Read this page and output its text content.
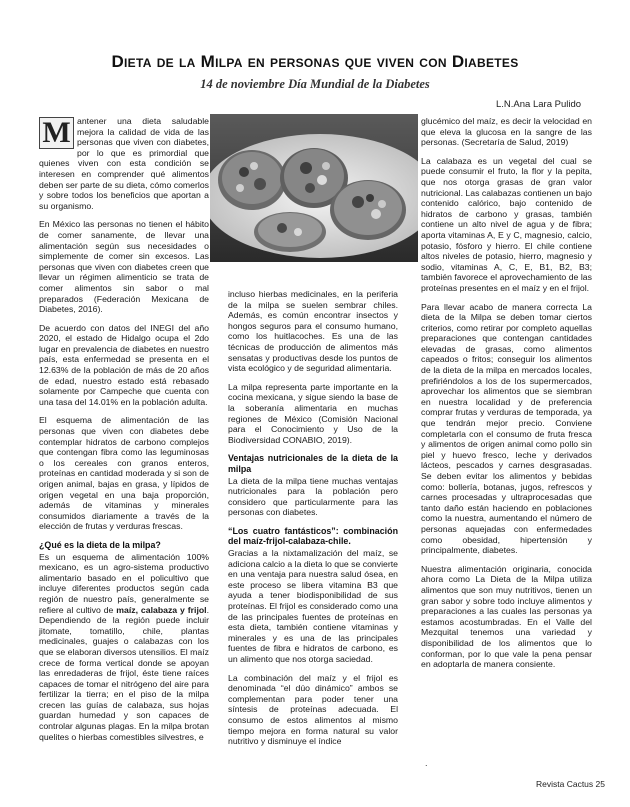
Dieta de la Milpa en personas que viven con Diabetes
14 de noviembre Día Mundial de la Diabetes
L.N.Ana Lara Pulido

M antener una dieta saludable mejora la calidad de vida de las personas que viven con diabetes, por lo que es primordial que quienes viven con esta condición se interesen en comprender qué alimentos deben ser parte de su dieta, cómo comerlos y sobre todos los beneficios que aportan a su organismo.

En México las personas no tienen el hábito de comer sanamente, de llevar una alimentación según sus necesidades o simplemente de comer sin excesos. Las personas que viven con diabetes creen que llevar un régimen alimenticio se trata de comer alimentos sin sabor o mal preparados (Federación Mexicana de Diabetes, 2016).

De acuerdo con datos del INEGI del año 2020, el estado de Hidalgo ocupa el 2do lugar en prevalencia de diabetes en nuestro país, esta enfermedad se presenta en el 12.63% de la población de más de 20 años de edad, nuestro estado está rebasado solamente por Campeche que cuenta con una tasa del 14.01% en la población adulta.

El esquema de alimentación de las personas que viven con diabetes debe contemplar hidratos de carbono complejos que contengan fibra como las leguminosas o los cereales con granos enteros, proteínas en cantidad moderada y si son de origen animal, bajas en grasa, y lípidos de origen vegetal en una baja proporción, además de vitaminas y minerales consumidos diariamente a través de la elección de frutas y verduras frescas.

¿Qué es la dieta de la milpa?

Es un esquema de alimentación 100% mexicano, es un agro-sistema productivo alimentario basado en el policultivo que incluye diferentes productos según cada región de nuestro país, generalmente se refiere al cultivo de maíz, calabaza y frijol. Dependiendo de la región puede incluir jitomate, tomatillo, chile, plantas medicinales, guajes o calabazas con los que se elaboran diversos utensilios. El maíz crece de forma vertical donde se apoyan las enredaderas de frijol, éste tiene raíces capaces de tomar el nitrógeno del aire para fertilizar la tierra; en el piso de la milpa crecen las guías de calabaza, sus hojas guardan humedad y son capaces de controlar algunas plagas. En la milpa brotan quelites o hierbas comestibles silvestres, e

incluso hierbas medicinales, en la periferia de la milpa se suelen sembrar chiles. Además, es común encontrar insectos y hongos seguros para el consumo humano, como los huitlacoches. Es una de las técnicas de producción de alimentos más sensatas y productivas desde los puntos de vista ecológico y de seguridad alimentaria.

La milpa representa parte importante en la cocina mexicana, y sigue siendo la base de la soberanía alimentaria en muchas regiones de México (Comisión Nacional para el Conocimiento y Uso de la Biodiversidad CONABIO, 2019).

Ventajas nutricionales de la dieta de la milpa

La dieta de la milpa tiene muchas ventajas nutricionales para la población pero considero que particularmente para las personas con diabetes.

“Los cuatro fantásticos”: combinación del maíz-frijol-calabaza-chile.

Gracias a la nixtamalización del maíz, se adiciona calcio a la dieta lo que se convierte en una ventaja para nuestra salud ósea, en este proceso se libera vitamina B3 que ayuda a tener biodisponibilidad de sus proteínas. El frijol es considerado como una de las principales fuentes de proteínas en esta dieta, también contiene vitaminas y minerales y es una de las principales fuentes de fibra e hidratos de carbono, es un alimento que nos otorga saciedad.

La combinación del maíz y el frijol es denominada “el dúo dinámico” ambos se complementan para poder tener una síntesis de proteínas adecuada. El consumo de estos alimentos al mismo tiempo mejora en forma natural su valor nutritivo y disminuye el índice

glucémico del maíz, es decir la velocidad en que eleva la glucosa en la sangre de las personas. (Secretaría de Salud, 2019)

La calabaza es un vegetal del cual se puede consumir el fruto, la flor y la pepita, que nos otorga grasas de gran valor nutricional. Las calabazas contienen un bajo contenido calórico, bajo contenido de hidratos de carbono y grasas, también contiene un alto nivel de agua y de fibra; aporta vitaminas A, E y C, magnesio, calcio, potasio, fósforo y hierro. El chile contiene altos niveles de potasio, hierro, magnesio y sodio, vitaminas A, C, E, B1, B2, B3; también favorece el aprovechamiento de las proteínas presentes en el maíz y en el frijol.

Para llevar acabo de manera correcta La dieta de la Milpa se deben tomar ciertos criterios, como retirar por completo aquellas preparaciones que contengan cantidades elevadas de grasas, como alimentos capeados o fritos; conseguir los alimentos de la dieta de la milpa en mercados locales, prefiriéndolos a los de los supermercados, aprovechar los alimentos que se siembran en nuestra localidad y de preferencia comprar frutas y verduras de temporada, ya que tendrán mejor precio. Conviene completarla con el consumo de fruta fresca y alimentos de origen animal como pollo sin piel y huevo fresco, leche y derivados lácteos, pescados y carnes desgrasadas. Se deben evitar los alimentos y bebidas como: bollería, botanas, jugos, refrescos y carnes procesadas y ultraprocesadas que tanto daño están haciendo en poblaciones como la nuestra, aumentando el número de personas aquejadas con enfermedades como obesidad, hipertensión y principalmente, diabetes.

Nuestra alimentación originaria, conocida ahora como La Dieta de la Milpa utiliza alimentos que son muy nutritivos, tienen un gran sabor y sobre todo incluye alimentos y preparaciones a las cuales las personas ya estamos acostumbradas. En el Valle del Mezquital tenemos una variedad y disponibilidad de los alimentos que lo conforman, por lo que vale la pena pensar en adoptarla de manera consiente.

.
Revista Cactus 25
